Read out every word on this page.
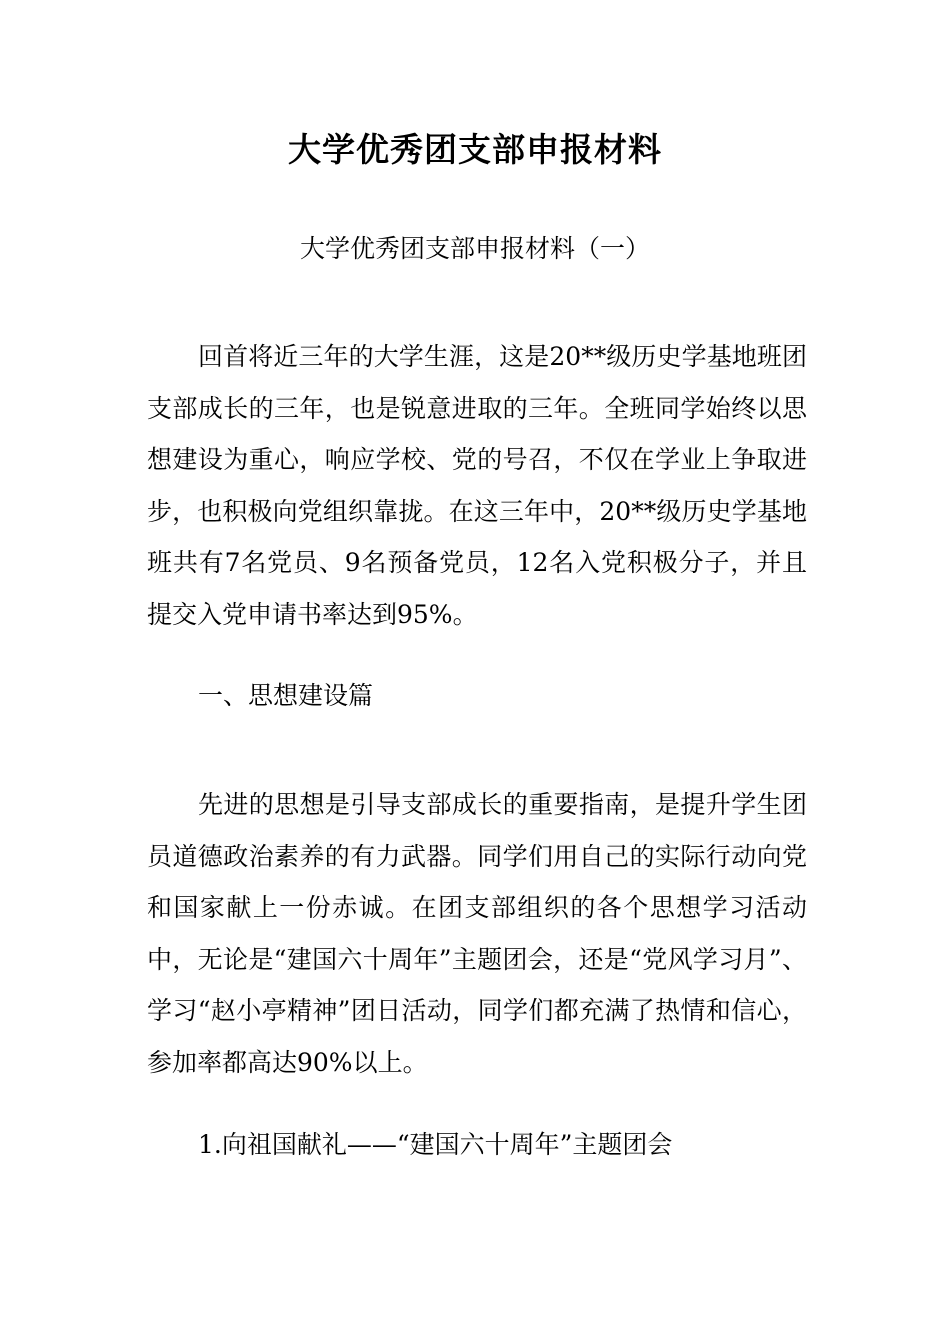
大学优秀团支部申报材料
大学优秀团支部申报材料（一）

回首将近三年的大学生涯，这是20**级历史学基地班团支部成长的三年，也是锐意进取的三年。全班同学始终以思想建设为重心，响应学校、党的号召，不仅在学业上争取进步，也积极向党组织靠拢。在这三年中，20**级历史学基地班共有7名党员、9名预备党员，12名入党积极分子，并且提交入党申请书率达到95%。

一、思想建设篇

先进的思想是引导支部成长的重要指南，是提升学生团员道德政治素养的有力武器。同学们用自己的实际行动向党和国家献上一份赤诚。在团支部组织的各个思想学习活动中，无论是“建国六十周年”主题团会，还是“党风学习月”、学习“赵小亭精神”团日活动，同学们都充满了热情和信心，参加率都高达90%以上。

1.向祖国献礼——“建国六十周年”主题团会
